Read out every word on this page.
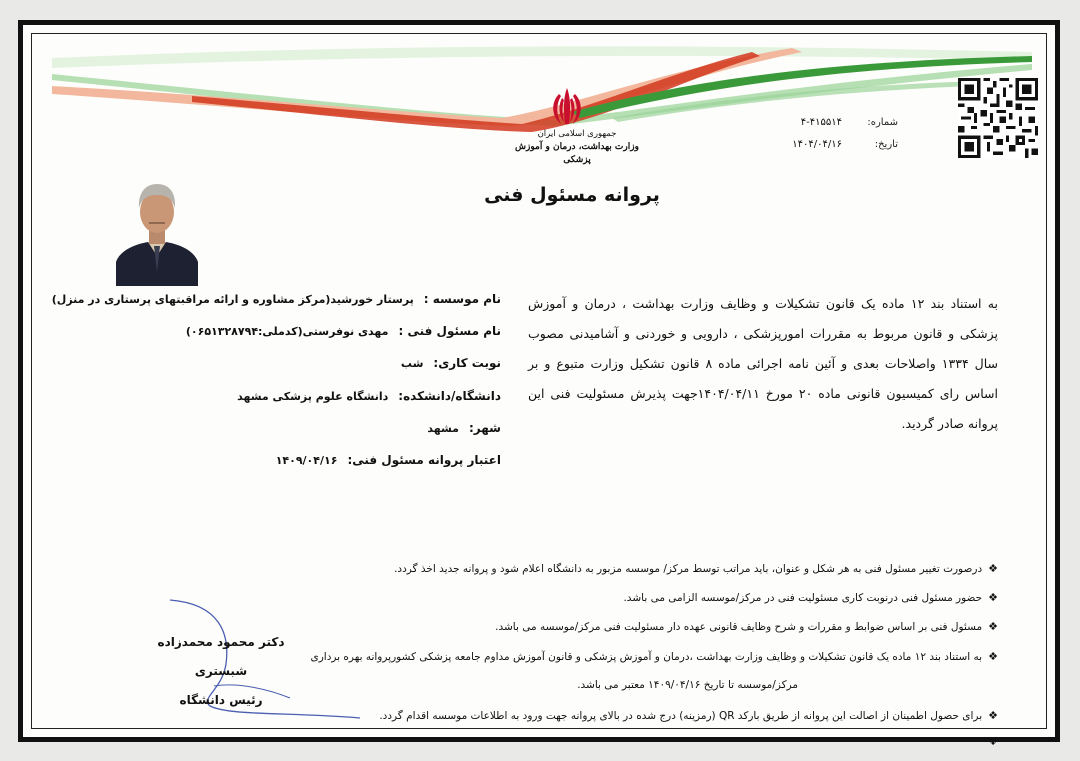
جمهوری اسلامی ایران
وزارت بهداشت، درمان و آموزش پزشکی
شماره:
۴-۴۱۵۵۱۴
تاریخ:
۱۴۰۴/۰۴/۱۶
پروانه مسئول فنی
نام موسسه :پرستار خورشید(مرکز مشاوره و ارائه مراقبتهای پرستاری در منزل)
نام مسئول فنی :مهدی نوفرستی(کدملی:۰۶۵۱۳۲۸۷۹۴)
نوبت کاری:شب
دانشگاه/دانشکده:دانشگاه علوم پزشکی مشهد
شهر:مشهد
اعتبار پروانه مسئول فنی:۱۴۰۹/۰۴/۱۶
به استناد بند ۱۲ ماده یک قانون تشکیلات و وظایف وزارت بهداشت ، درمان و آموزش پزشکی و قانون مربوط به مقررات امورپزشکی ، دارویی و خوردنی و آشامیدنی مصوب سال ۱۳۳۴ واصلاحات بعدی و آئین نامه اجرائی ماده ۸ قانون تشکیل وزارت متبوع و بر اساس رای کمیسیون قانونی ماده ۲۰ مورخ ۱۴۰۴/۰۴/۱۱جهت پذیرش مسئولیت فنی این پروانه صادر گردید.
❖درصورت تغییر مسئول فنی به هر شکل و عنوان، باید مراتب توسط مرکز/ موسسه مزبور به دانشگاه اعلام شود و پروانه جدید اخذ گردد.
❖حضور مسئول فنی درنوبت کاری مسئولیت فنی در مرکز/موسسه الزامی می باشد.
❖مسئول فنی بر اساس ضوابط و مقررات و شرح وظایف قانونی عهده دار مسئولیت فنی مرکز/موسسه می باشد.
❖به استناد بند ۱۲ ماده یک قانون تشکیلات و وظایف وزارت بهداشت ،درمان و آموزش پزشکی و قانون آموزش مداوم جامعه پزشکی کشورپروانه بهره برداری
مرکز/موسسه تا تاریخ ۱۴۰۹/۰۴/۱۶ معتبر می باشد.
❖برای حصول اطمینان از اصالت این پروانه از طریق بارکد QR (رمزینه) درج شده در بالای پروانه جهت ورود به اطلاعات موسسه اقدام گردد.
❖
دکتر محمود محمدزاده شبستری
رئیس دانشگاه
